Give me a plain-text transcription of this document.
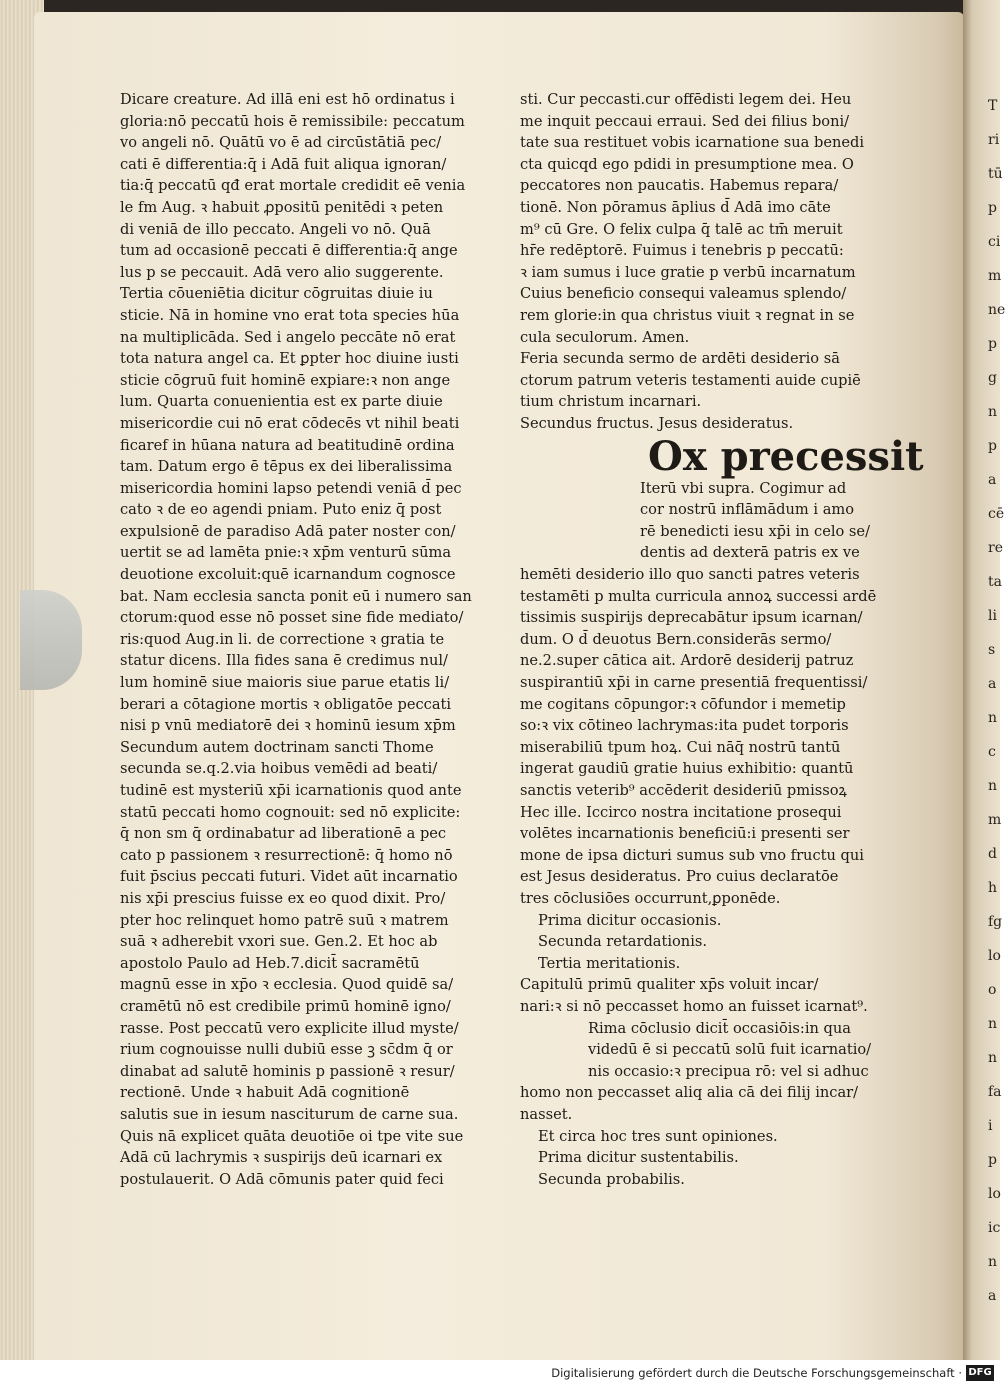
Dicare creature. Ad illā eni est hō ordinatus i
gloria:nō peccatū hois ē remissibile: peccatum
vo angeli nō. Quātū vo ē ad circūstātiā pec/
cati ē differentia:q̄ i Adā fuit aliqua ignoran/
tia:q̄ peccatū qđ erat mortale credidit eē venia
le fm Aug. ꝛ habuit ꝓpositū penitēdi ꝛ peten
di veniā de illo peccato. Angeli vo nō. Quā
tum ad occasionē peccati ē differentia:q̄ ange
lus p se peccauit. Adā vero alio suggerente.
Tertia cōueniētia dicitur cōgruitas diuie iu
sticie. Nā in homine vno erat tota species hūa
na multiplicāda. Sed i angelo peccāte nō erat
tota natura angel ca. Et ꝑpter hoc diuine iusti
sticie cōgruū fuit hominē expiare:ꝛ non ange
lum. Quarta conuenientia est ex parte diuie
misericordie cui nō erat cōdecēs vt nihil beati
ficaref in hūana natura ad beatitudinē ordina
tam. Datum ergo ē tēpus ex dei liberalissima
misericordia homini lapso petendi veniā d̄ pec
cato ꝛ de eo agendi pniam. Puto eniz q̄ post
expulsionē de paradiso Adā pater noster con/
uertit se ad lamēta pnie:ꝛ xp̄m venturū sūma
deuotione excoluit:quē icarnandum cognosce
bat. Nam ecclesia sancta ponit eū i numero san
ctorum:quod esse nō posset sine fide mediato/
ris:quod Aug.in li. de correctione ꝛ gratia te
statur dicens. Illa fides sana ē credimus nul/
lum hominē siue maioris siue parue etatis li/
berari a cōtagione mortis ꝛ obligatōe peccati
nisi p vnū mediatorē dei ꝛ hominū iesum xp̄m
Secundum autem doctrinam sancti Thome
secunda se.q.2.via hoibus vemēdi ad beati/
tudinē est mysteriū xp̄i icarnationis quod ante
statū peccati homo cognouit: sed nō explicite:
q̄ non sm q̄ ordinabatur ad liberationē a pec
cato p passionem ꝛ resurrectionē: q̄ homo nō
fuit p̄scius peccati futuri. Videt aūt incarnatio
nis xp̄i prescius fuisse ex eo quod dixit. Pro/
pter hoc relinquet homo patrē suū ꝛ matrem
suā ꝛ adherebit vxori sue. Gen.2. Et hoc ab
apostolo Paulo ad Heb.7.dicit̄ sacramētū
magnū esse in xp̄o ꝛ ecclesia. Quod quidē sa/
cramētū nō est credibile primū hominē igno/
rasse. Post peccatū vero explicite illud myste/
rium cognouisse nulli dubiū esse ꝫ sc̄dm q̄ or
dinabat ad salutē hominis p passionē ꝛ resur/
rectionē. Unde ꝛ habuit Adā cognitionē
salutis sue in iesum nasciturum de carne sua.
Quis nā explicet quāta deuotiōe oi tpe vite sue
Adā cū lachrymis ꝛ suspirijs deū icarnari ex
postulauerit. O Adā cōmunis pater quid feci
sti. Cur peccasti.cur offēdisti legem dei. Heu
me inquit peccaui erraui. Sed dei filius boni/
tate sua restituet vobis icarnatione sua benedi
cta quicqd ego pdidi in presumptione mea. O
peccatores non paucatis. Habemus repara/
tionē. Non pōramus āplius d̄ Adā imo cāte
m⁹ cū Gre. O felix culpa q̄ talē ac tm̄ meruit
hr̄e redēptorē. Fuimus i tenebris p peccatū:
ꝛ iam sumus i luce gratie p verbū incarnatum
Cuius beneficio consequi valeamus splendo/
rem glorie:in qua christus viuit ꝛ regnat in se
cula seculorum. Amen.
Feria secunda sermo de ardēti desiderio sā
ctorum patrum veteris testamenti auide cupiē
tium christum incarnari.
Secundus fructus. Jesus desideratus.
Ox precessit
Iterū vbi supra. Cogimur ad
cor nostrū inflāmādum i amo
rē benedicti iesu xp̄i in celo se/
dentis ad dexterā patris ex ve
hemēti desiderio illo quo sancti patres veteris
testamēti p multa curricula annoꝝ successi ardē
tissimis suspirijs deprecabātur ipsum icarnan/
dum. O d̄ deuotus Bern.considerās sermo/
ne.2.super cātica ait. Ardorē desiderij patruz
suspirantiū xp̄i in carne presentiā frequentissi/
me cogitans cōpungor:ꝛ cōfundor i memetip
so:ꝛ vix cōtineo lachrymas:ita pudet torporis
miserabiliū tpum hoꝝ. Cui nāq̄ nostrū tantū
ingerat gaudiū gratie huius exhibitio: quantū
sanctis veterib⁹ accēderit desideriū pmissoꝝ
Hec ille. Iccirco nostra incitatione prosequi
volētes incarnationis beneficiū:i presenti ser
mone de ipsa dicturi sumus sub vno fructu qui
est Jesus desideratus. Pro cuius declaratōe
tres cōclusiōes occurrunt,ꝑponēde.
Prima dicitur occasionis.
Secunda retardationis.
Tertia meritationis.
Capitulū primū qualiter xp̄s voluit incar/
nari:ꝛ si nō peccasset homo an fuisset icarnat⁹.
Rima cōclusio dicit̄ occasiōis:in qua
videdū ē si peccatū solū fuit icarnatio/
nis occasio:ꝛ precipua rō: vel si adhuc
homo non peccasset aliq alia cā dei filij incar/
nasset.
Et circa hoc tres sunt opiniones.
Prima dicitur sustentabilis.
Secunda probabilis.
T
ri
tū
p
ci
m
ne
p
g
n
p
a
cē
re
ta
li
s
a
n
c
n
m
d
h
fg
lo
o
n
n
fa
i
p
lo
ic
n
a
Digitalisierung gefördert durch die Deutsche Forschungsgemeinschaft · DFG
